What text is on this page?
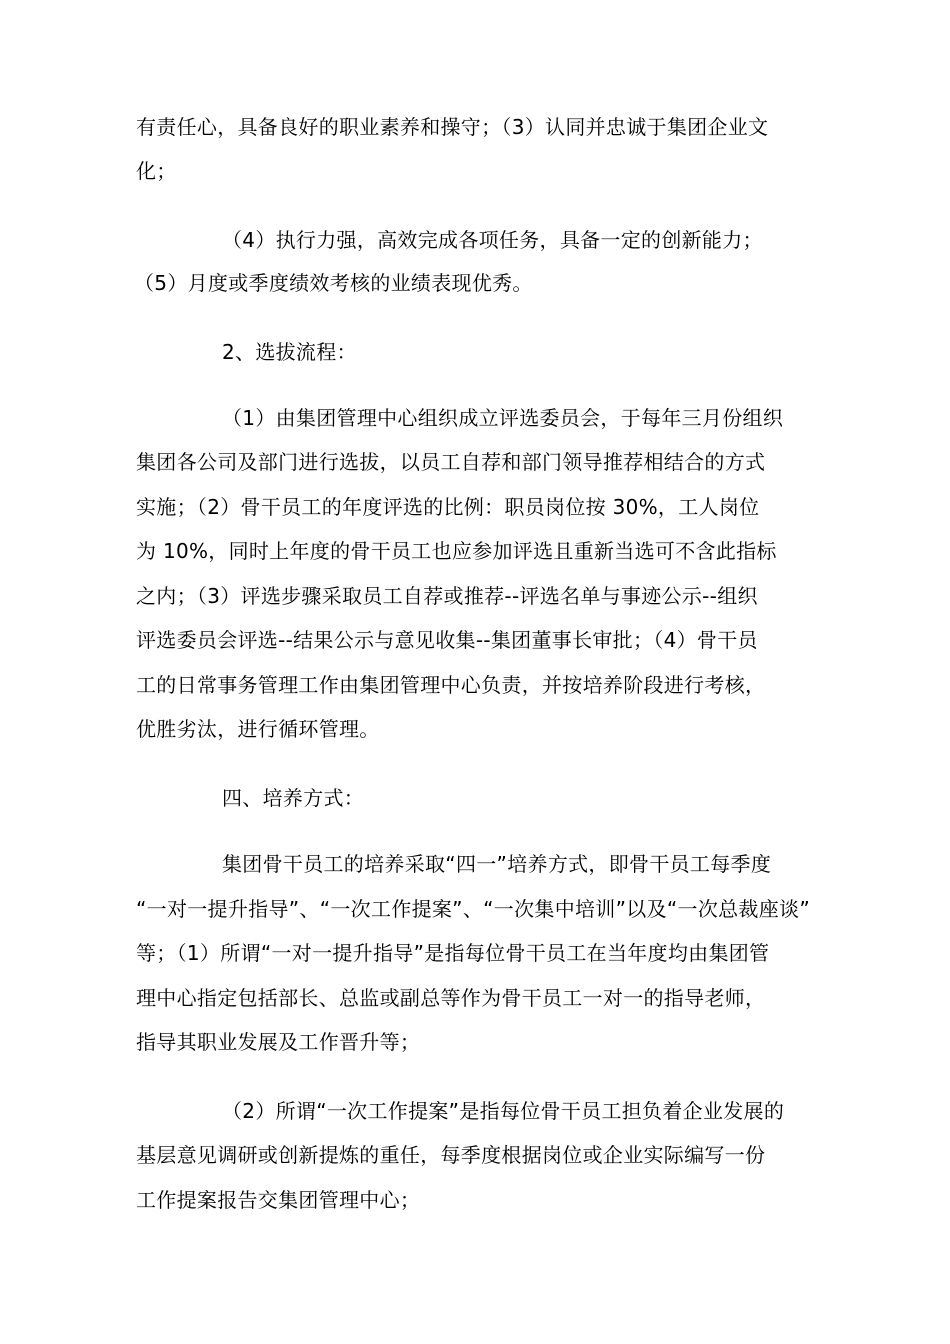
有责任心，具备良好的职业素养和操守；（3）认同并忠诚于集团企业文
化；
（4）执行力强，高效完成各项任务，具备一定的创新能力；
（5）月度或季度绩效考核的业绩表现优秀。
2、选拔流程：
（1）由集团管理中心组织成立评选委员会，于每年三月份组织
集团各公司及部门进行选拔，以员工自荐和部门领导推荐相结合的方式
实施；（2）骨干员工的年度评选的比例：职员岗位按 30%，工人岗位
为 10%，同时上年度的骨干员工也应参加评选且重新当选可不含此指标
之内；（3）评选步骤采取员工自荐或推荐--评选名单与事迹公示--组织
评选委员会评选--结果公示与意见收集--集团董事长审批；（4）骨干员
工的日常事务管理工作由集团管理中心负责，并按培养阶段进行考核，
优胜劣汰，进行循环管理。
四、培养方式：
集团骨干员工的培养采取“四一”培养方式，即骨干员工每季度
“一对一提升指导”、“一次工作提案”、“一次集中培训”以及“一次总裁座谈”
等；（1）所谓“一对一提升指导”是指每位骨干员工在当年度均由集团管
理中心指定包括部长、总监或副总等作为骨干员工一对一的指导老师，
指导其职业发展及工作晋升等；
（2）所谓“一次工作提案”是指每位骨干员工担负着企业发展的
基层意见调研或创新提炼的重任，每季度根据岗位或企业实际编写一份
工作提案报告交集团管理中心；
